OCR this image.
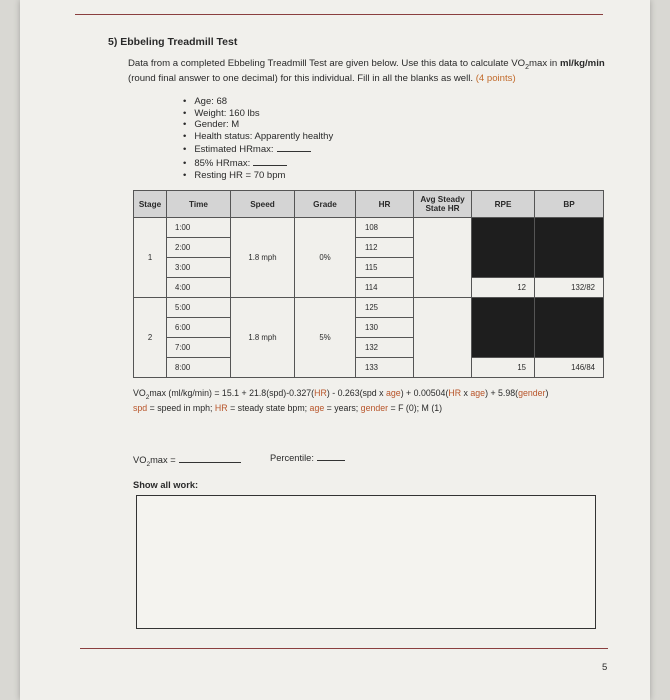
5) Ebbeling Treadmill Test
Data from a completed Ebbeling Treadmill Test are given below. Use this data to calculate $VO_2\max$ in ml/kg/min (round final answer to one decimal) for this individual. Fill in all the blanks as well. (4 points)
• Age: 68
• Weight: 160 lbs
• Gender: M
• Health status: Apparently healthy
• Estimated HRmax:
• 85% HRmax:
• Resting HR = 70 bpm
Stage	Time	Speed	Grade	HR	Avg Steady
State HR	RPE	BP
1	1:00	1.8 mph	0%	108			
	2:00			112			
	3:00			115			
	4:00			114		12	132/82
2	5:00	1.8 mph	5%	125			
	6:00			130			
	7:00			132			
	8:00			133		15	146/84
$VO_2\max$ (ml/kg/min) = 15.1 + 21.8(spd)-0.327(HR) - 0.263(spd x age) + 0.00504(HR x age) + 5.98(gender)
spd = speed in mph; HR = steady state bpm; age = years; gender = F (0); M (1)
$VO_2\max$ =	Percentile:
Show all work:
5
